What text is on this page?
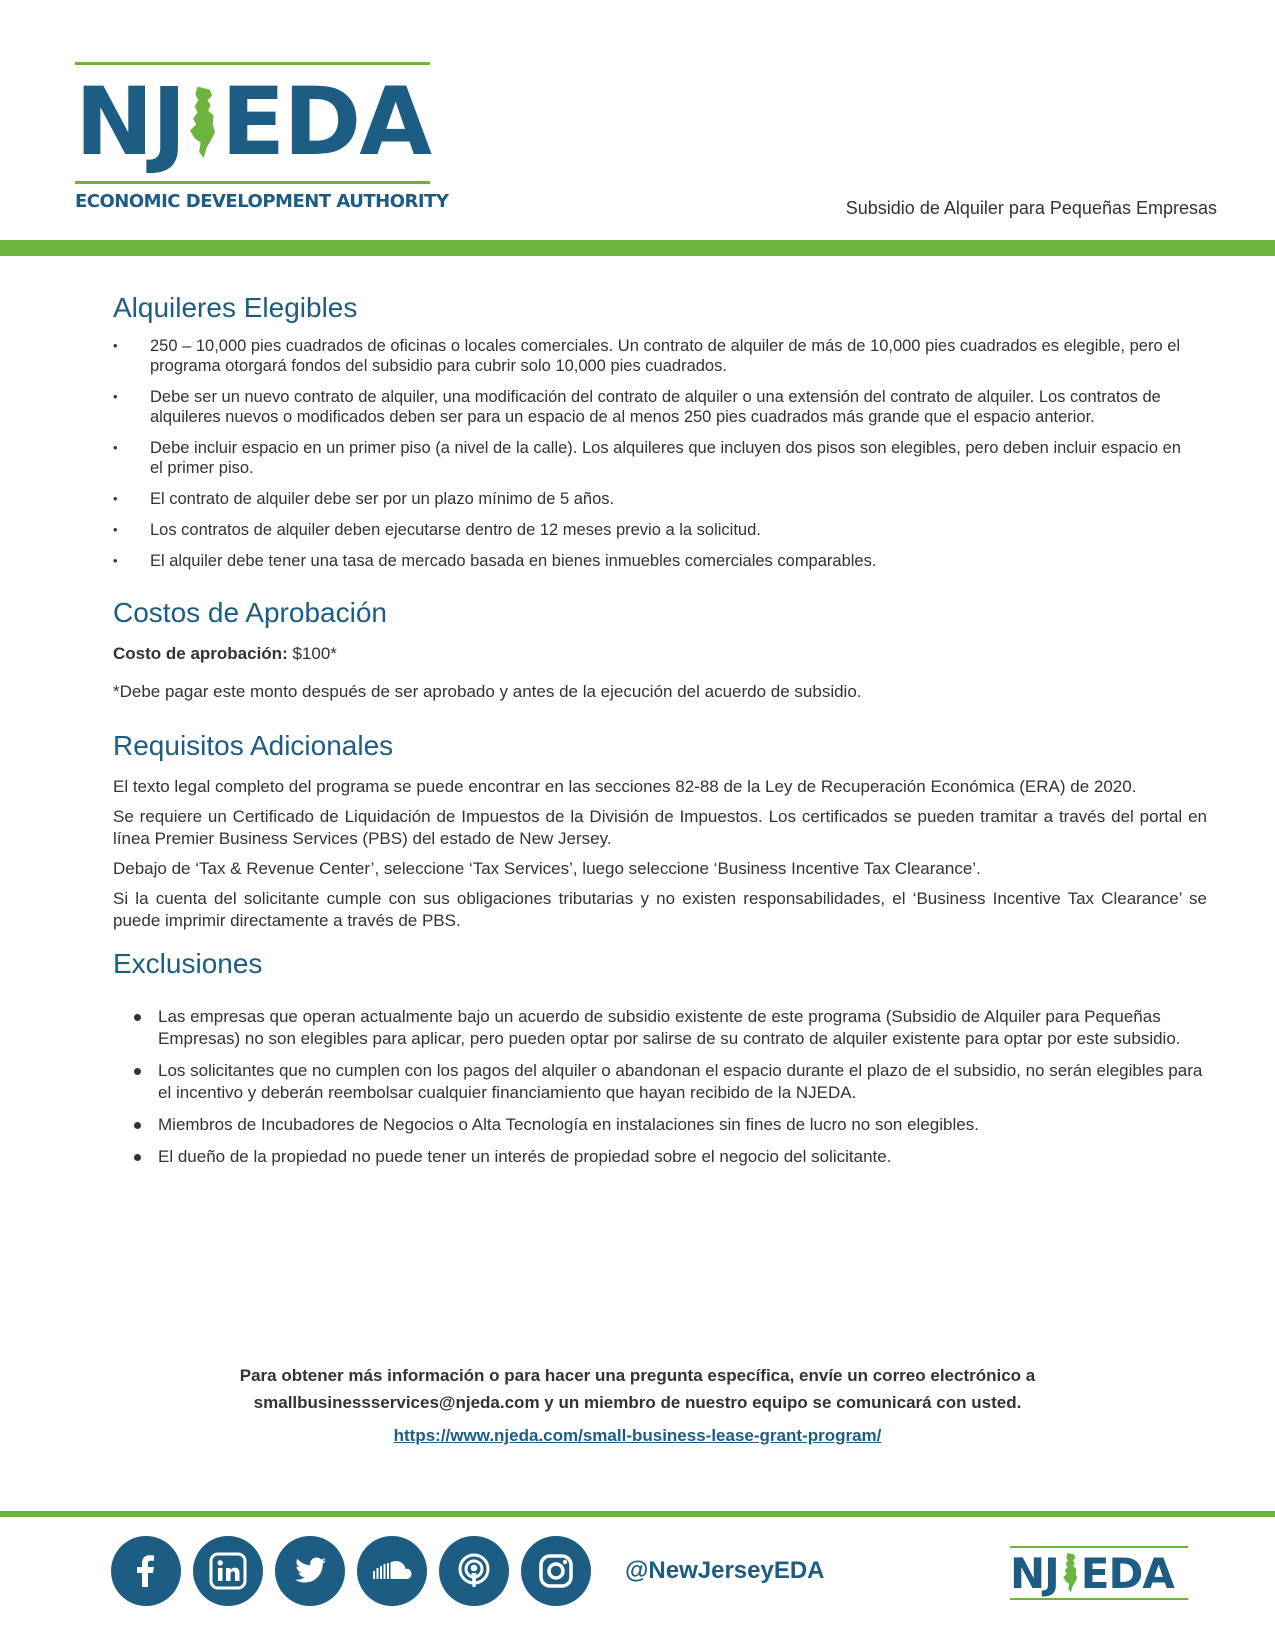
NJ EDA
ECONOMIC DEVELOPMENT AUTHORITY	Subsidio de Alquiler para Pequeñas Empresas
Alquileres Elegibles
• 250 – 10,000 pies cuadrados de oficinas o locales comerciales. Un contrato de alquiler de más de 10,000 pies cuadrados es elegible, pero el programa otorgará fondos del subsidio para cubrir solo 10,000 pies cuadrados.
• Debe ser un nuevo contrato de alquiler, una modificación del contrato de alquiler o una extensión del contrato de alquiler. Los contratos de alquileres nuevos o modificados deben ser para un espacio de al menos 250 pies cuadrados más grande que el espacio anterior.
• Debe incluir espacio en un primer piso (a nivel de la calle). Los alquileres que incluyen dos pisos son elegibles, pero deben incluir espacio en el primer piso.
• El contrato de alquiler debe ser por un plazo mínimo de 5 años.
• Los contratos de alquiler deben ejecutarse dentro de 12 meses previo a la solicitud.
• El alquiler debe tener una tasa de mercado basada en bienes inmuebles comerciales comparables.
Costos de Aprobación

Costo de aprobación: $100*

*Debe pagar este monto después de ser aprobado y antes de la ejecución del acuerdo de subsidio.

Requisitos Adicionales

El texto legal completo del programa se puede encontrar en las secciones 82-88 de la Ley de Recuperación Económica (ERA) de 2020.

Se requiere un Certificado de Liquidación de Impuestos de la División de Impuestos. Los certificados se pueden tramitar a través del portal en línea Premier Business Services (PBS) del estado de New Jersey.

Debajo de ‘Tax & Revenue Center’, seleccione ‘Tax Services’, luego seleccione ‘Business Incentive Tax Clearance’.

Si la cuenta del solicitante cumple con sus obligaciones tributarias y no existen responsabilidades, el ‘Business Incentive Tax Clearance’ se puede imprimir directamente a través de PBS.

Exclusiones
Las empresas que operan actualmente bajo un acuerdo de subsidio existente de este programa (Subsidio de Alquiler para Pequeñas Empresas) no son elegibles para aplicar, pero pueden optar por salirse de su contrato de alquiler existente para optar por este subsidio.
Los solicitantes que no cumplen con los pagos del alquiler o abandonan el espacio durante el plazo de el subsidio, no serán elegibles para el incentivo y deberán reembolsar cualquier financiamiento que hayan recibido de la NJEDA.
Miembros de Incubadores de Negocios o Alta Tecnología en instalaciones sin fines de lucro no son elegibles.
El dueño de la propiedad no puede tener un interés de propiedad sobre el negocio del solicitante.
Para obtener más información o para hacer una pregunta específica, envíe un correo electrónico a
smallbusinessservices@njeda.com y un miembro de nuestro equipo se comunicará con usted.
https://www.njeda.com/small-business-lease-grant-program/
@NewJerseyEDA	NJ EDA
